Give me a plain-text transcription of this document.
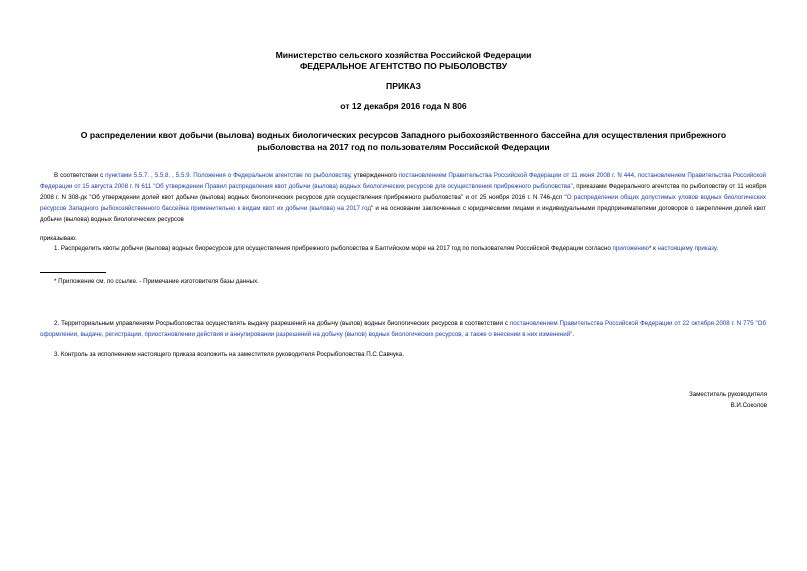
Министерство сельского хозяйства Российской Федерации
ФЕДЕРАЛЬНОЕ АГЕНТСТВО ПО РЫБОЛОВСТВУ
ПРИКАЗ
от 12 декабря 2016 года N 806
О распределении квот добычи (вылова) водных биологических ресурсов Западного рыбохозяйственного бассейна для осуществления прибрежного рыболовства на 2017 год по пользователям Российской Федерации
В соответствии с пунктами 5.5.7. , 5.5.8. , 5.5.9. Положения о Федеральном агентстве по рыболовству, утвержденного постановлением Правительства Российской Федерации от 11 июня 2008 г. N 444, постановлением Правительства Российской Федерации от 15 августа 2008 г. N 611 "Об утверждении Правил распределения квот добычи (вылова) водных биологических ресурсов для осуществления прибрежного рыболовства", приказами Федерального агентства по рыболовству от 11 ноября 2008 г. N 308-дк "Об утверждении долей квот добычи (вылова) водных биологических ресурсов для осуществления прибрежного рыболовства" и от 25 ноября 2016 г. N 746-дсп "О распределении общих допустимых уловов водных биологических ресурсов Западного рыбохозяйственного бассейна применительно к видам квот их добычи (вылова) на 2017 год" и на основании заключенных с юридическими лицами и индивидуальными предпринимателями договоров о закреплении долей квот добычи (вылова) водных биологических ресурсов
приказываю:
1. Распределить квоты добычи (вылова) водных биоресурсов для осуществления прибрежного рыболовства в Балтийском море на 2017 год по пользователям Российской Федерации согласно приложению* к настоящему приказу.
* Приложение см. по ссылке. - Примечание изготовителя базы данных.
2. Территориальным управлениям Росрыболовства осуществлять выдачу разрешений на добычу (вылов) водных биологических ресурсов в соответствии с постановлением Правительства Российской Федерации от 22 октября 2008 г. N 775 "Об оформлении, выдаче, регистрации, приостановлении действия и аннулировании разрешений на добычу (вылов) водных биологических ресурсов, а также о внесении в них изменений".
3. Контроль за исполнением настоящего приказа возложить на заместителя руководителя Росрыболовства П.С.Савчука.
Заместитель руководителя
В.И.Соколов
